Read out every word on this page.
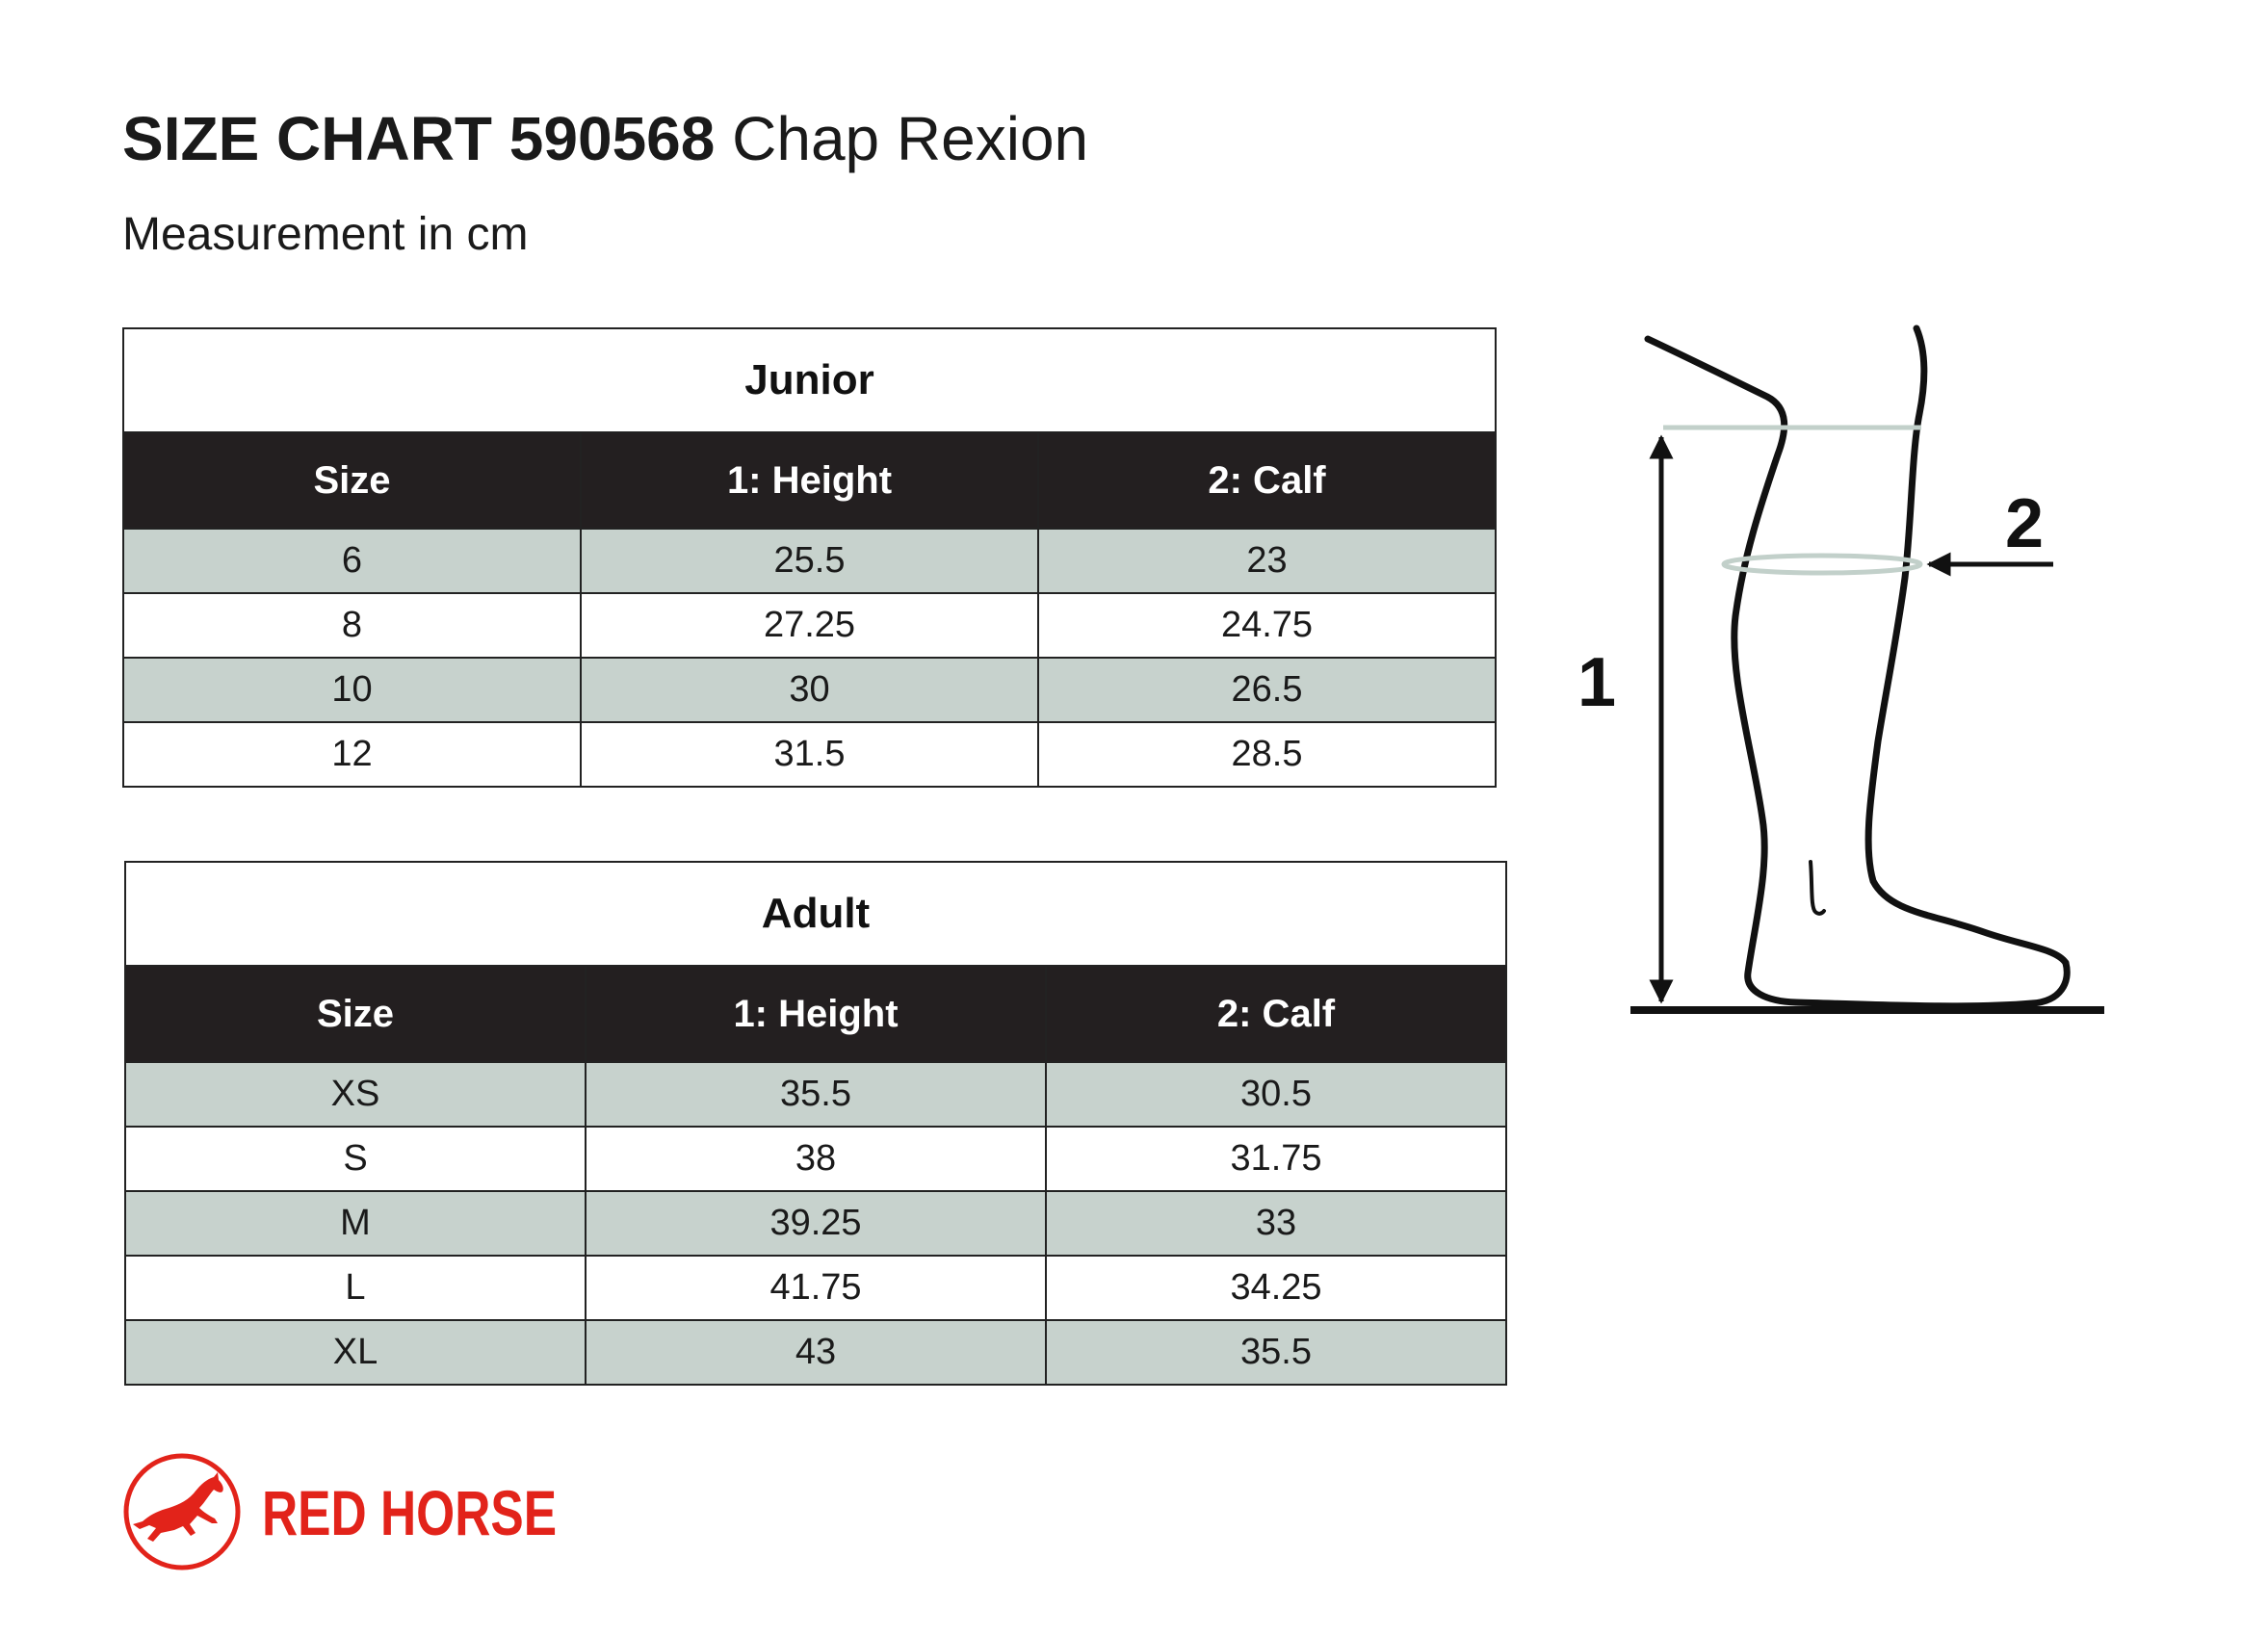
SIZE CHART 590568 Chap Rexion
Measurement in cm
Junior		
Size	1: Height	2: Calf
6	25.5	23
8	27.25	24.75
10	30	26.5
12	31.5	28.5
Adult		
Size	1: Height	2: Calf
XS	35.5	30.5
S	38	31.75
M	39.25	33
L	41.75	34.25
XL	43	35.5
1
2
RED HORSE
